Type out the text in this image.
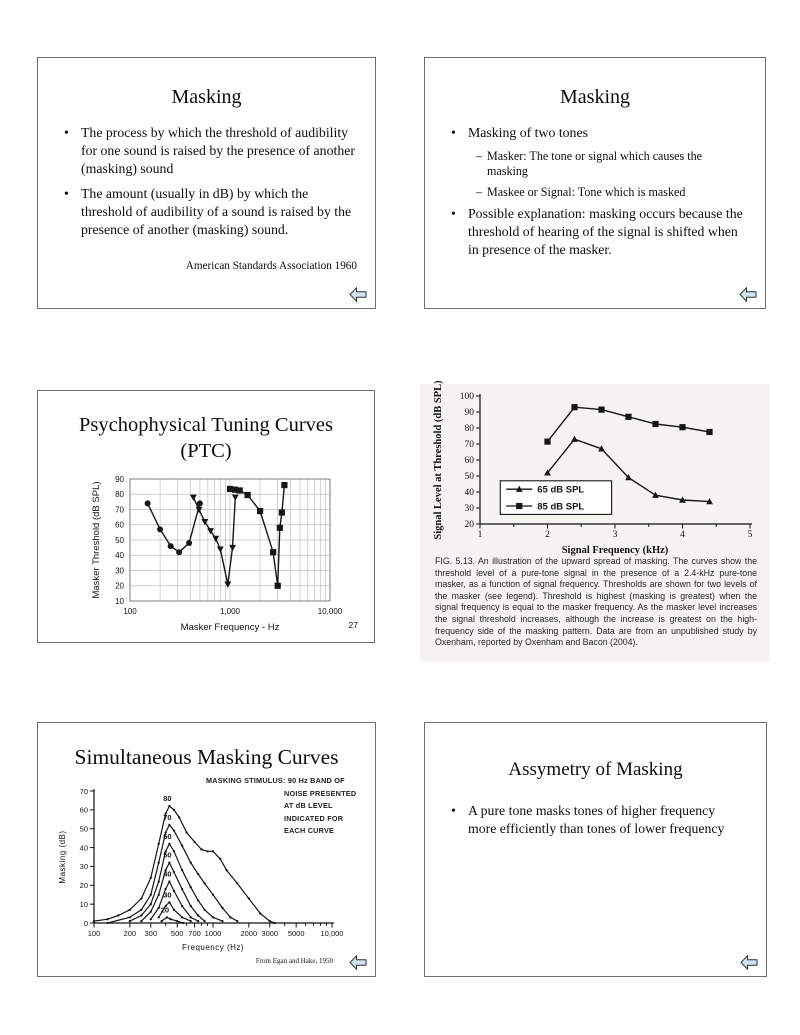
Masking
• The process by which the threshold of audibility for one sound is raised by the presence of another (masking) sound
• The amount (usually in dB) by which the threshold of audibility of a sound is raised by the presence of another (masking) sound.
American Standards Association 1960
Masking
• Masking of two tones
– Masker: The tone or signal which causes the masking
– Maskee or Signal: Tone which is masked
• Possible explanation: masking occurs because the threshold of hearing of the signal is shifted when in presence of the masker.
Psychophysical Tuning Curves
(PTC)
10
20
30
40
50
60
70
80
90
100	1,000	10,000
Masker Frequency - Hz
Masker Threshold (dB SPL)
27
20
30
40
50
60
70
80
90
100
1	2	3	4	5
Signal Frequency (kHz)
Signal Level at Threshold (dB SPL)	65 dB SPL
85 dB SPL
FIG. 5.13. An illustration of the upward spread of masking. The curves show the threshold level of a pure-tone signal in the presence of a 2.4-kHz pure-tone masker, as a function of signal frequency. Thresholds are shown for two levels of the masker (see legend). Threshold is highest (masking is greatest) when the signal frequency is equal to the masker frequency. As the masker level increases the signal threshold increases, although the increase is greatest on the high-frequency side of the masking pattern. Data are from an unpublished study by Oxenham, reported by Oxenham and Bacon (2004).
Simultaneous Masking Curves
0
10
20
30
40
50
60
70
100	200 300 500 700 1000	2000 3000 5000 10,000
Frequency (Hz)
Masking (dB)
80
70
60
50
40
30
20
MASKING STIMULUS: 90 Hz BAND OF
NOISE PRESENTED
AT dB LEVEL
INDICATED FOR
EACH CURVE
From Egan and Hake, 1950
Assymetry of Masking
• A pure tone masks tones of higher frequency more efficiently than tones of lower frequency
